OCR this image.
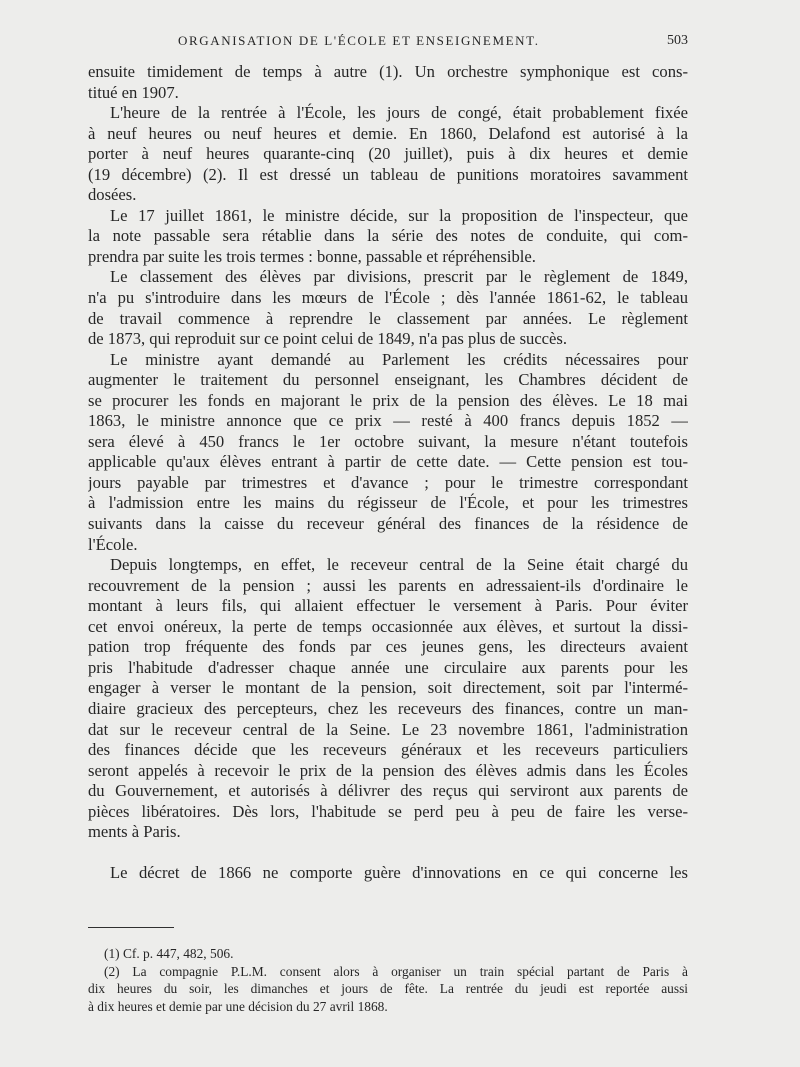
ORGANISATION DE L'ÉCOLE ET ENSEIGNEMENT.	503
ensuite timidement de temps à autre (1). Un orchestre symphonique est cons-
titué en 1907.
L'heure de la rentrée à l'École, les jours de congé, était probablement fixée
à neuf heures ou neuf heures et demie. En 1860, Delafond est autorisé à la
porter à neuf heures quarante-cinq (20 juillet), puis à dix heures et demie
(19 décembre) (2). Il est dressé un tableau de punitions moratoires savamment
dosées.
Le 17 juillet 1861, le ministre décide, sur la proposition de l'inspecteur, que
la note passable sera rétablie dans la série des notes de conduite, qui com-
prendra par suite les trois termes : bonne, passable et répréhensible.
Le classement des élèves par divisions, prescrit par le règlement de 1849,
n'a pu s'introduire dans les mœurs de l'École ; dès l'année 1861-62, le tableau
de travail commence à reprendre le classement par années. Le règlement
de 1873, qui reproduit sur ce point celui de 1849, n'a pas plus de succès.
Le ministre ayant demandé au Parlement les crédits nécessaires pour
augmenter le traitement du personnel enseignant, les Chambres décident de
se procurer les fonds en majorant le prix de la pension des élèves. Le 18 mai
1863, le ministre annonce que ce prix — resté à 400 francs depuis 1852 —
sera élevé à 450 francs le 1er octobre suivant, la mesure n'étant toutefois
applicable qu'aux élèves entrant à partir de cette date. — Cette pension est tou-
jours payable par trimestres et d'avance ; pour le trimestre correspondant
à l'admission entre les mains du régisseur de l'École, et pour les trimestres
suivants dans la caisse du receveur général des finances de la résidence de
l'École.
Depuis longtemps, en effet, le receveur central de la Seine était chargé du
recouvrement de la pension ; aussi les parents en adressaient-ils d'ordinaire le
montant à leurs fils, qui allaient effectuer le versement à Paris. Pour éviter
cet envoi onéreux, la perte de temps occasionnée aux élèves, et surtout la dissi-
pation trop fréquente des fonds par ces jeunes gens, les directeurs avaient
pris l'habitude d'adresser chaque année une circulaire aux parents pour les
engager à verser le montant de la pension, soit directement, soit par l'intermé-
diaire gracieux des percepteurs, chez les receveurs des finances, contre un man-
dat sur le receveur central de la Seine. Le 23 novembre 1861, l'administration
des finances décide que les receveurs généraux et les receveurs particuliers
seront appelés à recevoir le prix de la pension des élèves admis dans les Écoles
du Gouvernement, et autorisés à délivrer des reçus qui serviront aux parents de
pièces libératoires. Dès lors, l'habitude se perd peu à peu de faire les verse-
ments à Paris.
Le décret de 1866 ne comporte guère d'innovations en ce qui concerne les
(1) Cf. p. 447, 482, 506.
(2) La compagnie P.L.M. consent alors à organiser un train spécial partant de Paris à
dix heures du soir, les dimanches et jours de fête. La rentrée du jeudi est reportée aussi
à dix heures et demie par une décision du 27 avril 1868.
